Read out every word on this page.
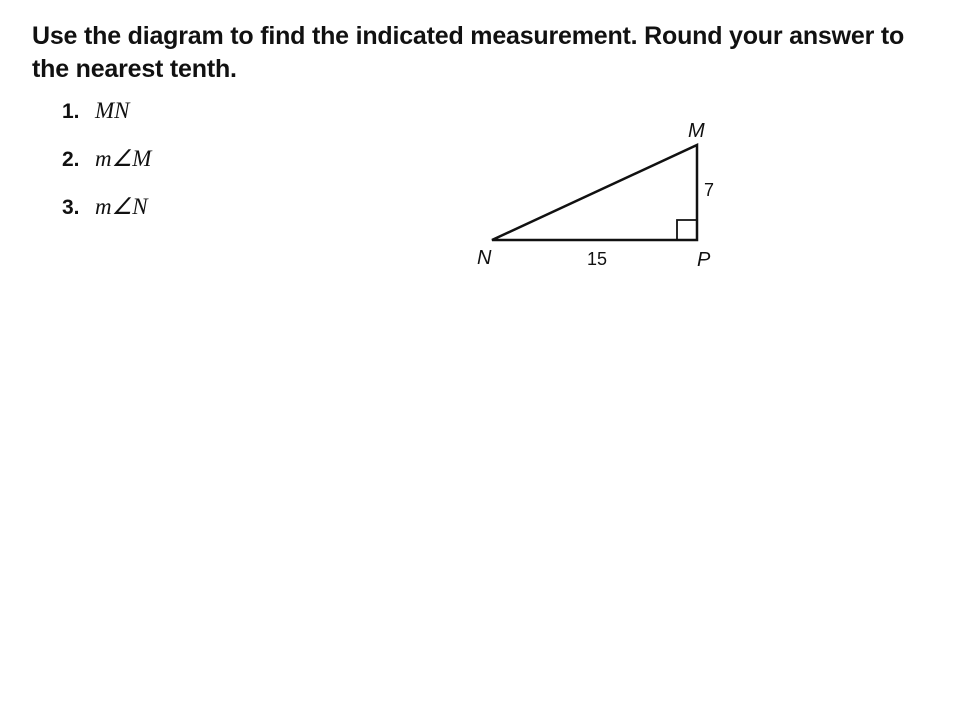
Use the diagram to find the indicated measurement. Round your answer to the nearest tenth.

1. MN
2. m∠M
3. m∠N
M
N	P
7
15
